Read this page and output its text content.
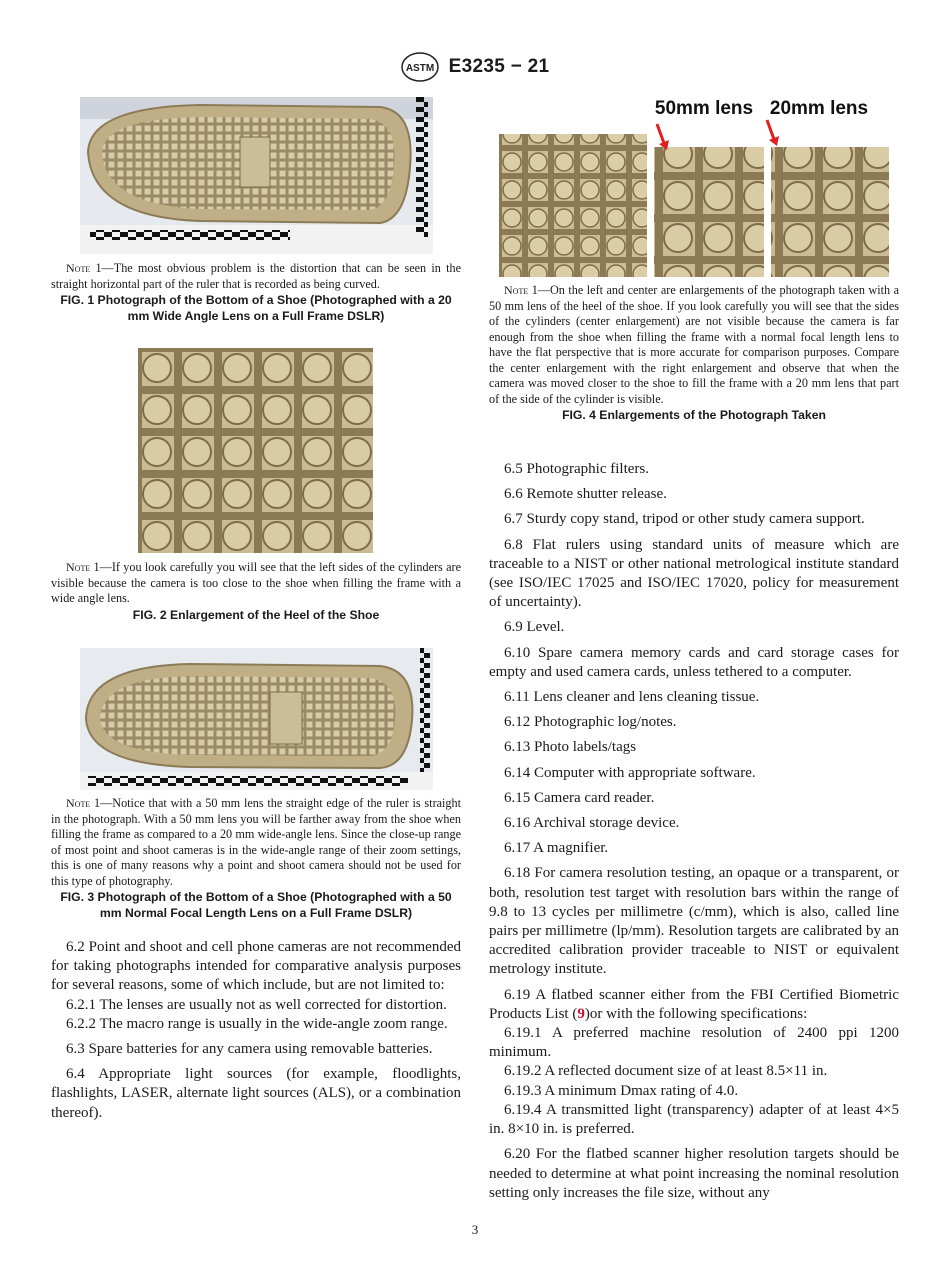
ASTM E3235 − 21
Note 1—The most obvious problem is the distortion that can be seen in the straight horizontal part of the ruler that is recorded as being curved.
FIG. 1 Photograph of the Bottom of a Shoe (Photographed with a 20 mm Wide Angle Lens on a Full Frame DSLR)
Note 1—If you look carefully you will see that the left sides of the cylinders are visible because the camera is too close to the shoe when filling the frame with a wide angle lens.
FIG. 2 Enlargement of the Heel of the Shoe
Note 1—Notice that with a 50 mm lens the straight edge of the ruler is straight in the photograph. With a 50 mm lens you will be farther away from the shoe when filling the frame as compared to a 20 mm wide-angle lens. Since the close-up range of most point and shoot cameras is in the wide-angle range of their zoom settings, this is one of many reasons why a point and shoot camera should not be used for this type of photography.
FIG. 3 Photograph of the Bottom of a Shoe (Photographed with a 50 mm Normal Focal Length Lens on a Full Frame DSLR)

6.2 Point and shoot and cell phone cameras are not recommended for taking photographs intended for comparative analysis purposes for several reasons, some of which include, but are not limited to:

6.2.1 The lenses are usually not as well corrected for distortion.

6.2.2 The macro range is usually in the wide-angle zoom range.

6.3 Spare batteries for any camera using removable batteries.

6.4 Appropriate light sources (for example, floodlights, flashlights, LASER, alternate light sources (ALS), or a combination thereof).

50mm lens 20mm lens
Note 1—On the left and center are enlargements of the photograph taken with a 50 mm lens of the heel of the shoe. If you look carefully you will see that the sides of the cylinders (center enlargement) are not visible because the camera is far enough from the shoe when filling the frame with a normal focal length lens to have the flat perspective that is more accurate for comparison purposes. Compare the center enlargement with the right enlargement and observe that when the camera was moved closer to the shoe to fill the frame with a 20 mm lens that part of the side of the cylinder is visible.
FIG. 4 Enlargements of the Photograph Taken

6.5 Photographic filters.

6.6 Remote shutter release.

6.7 Sturdy copy stand, tripod or other study camera support.

6.8 Flat rulers using standard units of measure which are traceable to a NIST or other national metrological institute standard (see ISO/IEC 17025 and ISO/IEC 17020, policy for measurement of uncertainty).

6.9 Level.

6.10 Spare camera memory cards and card storage cases for empty and used camera cards, unless tethered to a computer.

6.11 Lens cleaner and lens cleaning tissue.

6.12 Photographic log/notes.

6.13 Photo labels/tags

6.14 Computer with appropriate software.

6.15 Camera card reader.

6.16 Archival storage device.

6.17 A magnifier.

6.18 For camera resolution testing, an opaque or a transparent, or both, resolution test target with resolution bars within the range of 9.8 to 13 cycles per millimetre (c/mm), which is also, called line pairs per millimetre (lp/mm). Resolution targets are calibrated by an accredited calibration provider traceable to NIST or equivalent metrology institute.

6.19 A flatbed scanner either from the FBI Certified Biometric Products List (9)or with the following specifications:

6.19.1 A preferred machine resolution of 2400 ppi 1200 minimum.

6.19.2 A reflected document size of at least 8.5×11 in.

6.19.3 A minimum Dmax rating of 4.0.

6.19.4 A transmitted light (transparency) adapter of at least 4×5 in. 8×10 in. is preferred.

6.20 For the flatbed scanner higher resolution targets should be needed to determine at what point increasing the nominal resolution setting only increases the file size, without any

3
